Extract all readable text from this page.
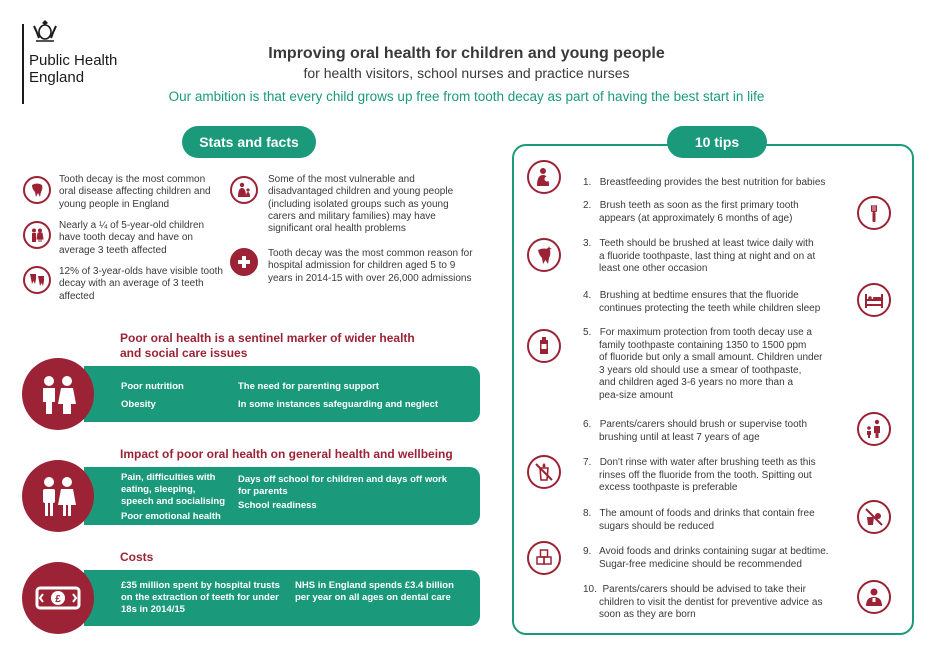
Public Health
England
Improving oral health for children and young people
for health visitors, school nurses and practice nurses
Our ambition is that every child grows up free from tooth decay as part of having the best start in life
Stats and facts
Tooth decay is the most common oral disease affecting children and young people in England
Nearly a ¼ of 5-year-old children have tooth decay and have on average 3 teeth affected
12% of 3-year-olds have visible tooth decay with an average of 3 teeth affected
Some of the most vulnerable and disadvantaged children and young people (including isolated groups such as young carers and military families) may have significant oral health problems
Tooth decay was the most common reason for hospital admission for children aged 5 to 9 years in 2014-15 with over 26,000 admissions
Poor oral health is a sentinel marker of wider health
and social care issues
Poor nutrition
Obesity
The need for parenting support
In some instances safeguarding and neglect
Impact of poor oral health on general health and wellbeing
Pain, difficulties with
eating, sleeping,
speech and socialising
Poor emotional health
Days off school for children and days off work
for parents
School readiness
Costs
£
£35 million spent by hospital trusts
on the extraction of teeth for under
18s in 2014/15
NHS in England spends £3.4 billion
per year on all ages on dental care
10 tips
1. Breastfeeding provides the best nutrition for babies
2. Brush teeth as soon as the first primary tooth
appears (at approximately 6 months of age)
3. Teeth should be brushed at least twice daily with
a fluoride toothpaste, last thing at night and on at
least one other occasion
4. Brushing at bedtime ensures that the fluoride
continues protecting the teeth while children sleep
5. For maximum protection from tooth decay use a
family toothpaste containing 1350 to 1500 ppm
of fluoride but only a small amount. Children under
3 years old should use a smear of toothpaste,
and children aged 3-6 years no more than a
pea-size amount
6. Parents/carers should brush or supervise tooth
brushing until at least 7 years of age
7. Don't rinse with water after brushing teeth as this
rinses off the fluoride from the tooth. Spitting out
excess toothpaste is preferable
8. The amount of foods and drinks that contain free
sugars should be reduced
9. Avoid foods and drinks containing sugar at bedtime.
Sugar-free medicine should be recommended
10. Parents/carers should be advised to take their
children to visit the dentist for preventive advice as
soon as they are born
